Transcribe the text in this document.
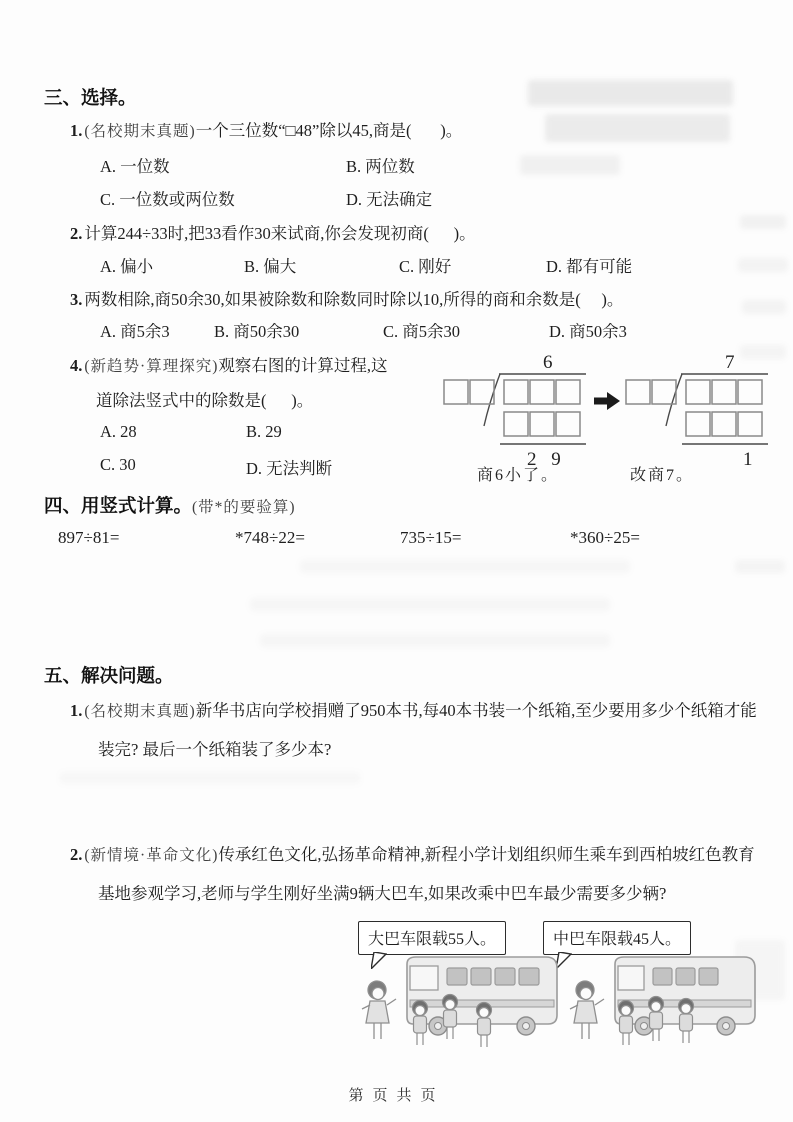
三、选择。
1. (名校期末真题)一个三位数“□48”除以45,商是(       )。
A. 一位数	B. 两位数
C. 一位数或两位数	D. 无法确定
2. 计算244÷33时,把33看作30来试商,你会发现初商(      )。
A. 偏小	B. 偏大	C. 刚好	D. 都有可能
3. 两数相除,商50余30,如果被除数和除数同时除以10,所得的商和余数是(     )。
A. 商5余3	B. 商50余30	C. 商5余30	D. 商50余3
4. (新趋势·算理探究)观察右图的计算过程,这
道除法竖式中的除数是(      )。
A. 28	B. 29
C. 30	D. 无法判断
6
2 9
7
1
商6小了。	改商7。
四、用竖式计算。(带*的要验算)
897÷81=	*748÷22=	735÷15=	*360÷25=
五、解决问题。
1. (名校期末真题)新华书店向学校捐赠了950本书,每40本书装一个纸箱,至少要用多少个纸箱才能装完? 最后一个纸箱装了多少本?
2. (新情境·革命文化)传承红色文化,弘扬革命精神,新程小学计划组织师生乘车到西柏坡红色教育基地参观学习,老师与学生刚好坐满9辆大巴车,如果改乘中巴车最少需要多少辆?
大巴车限载55人。	中巴车限载45人。
第页共页
